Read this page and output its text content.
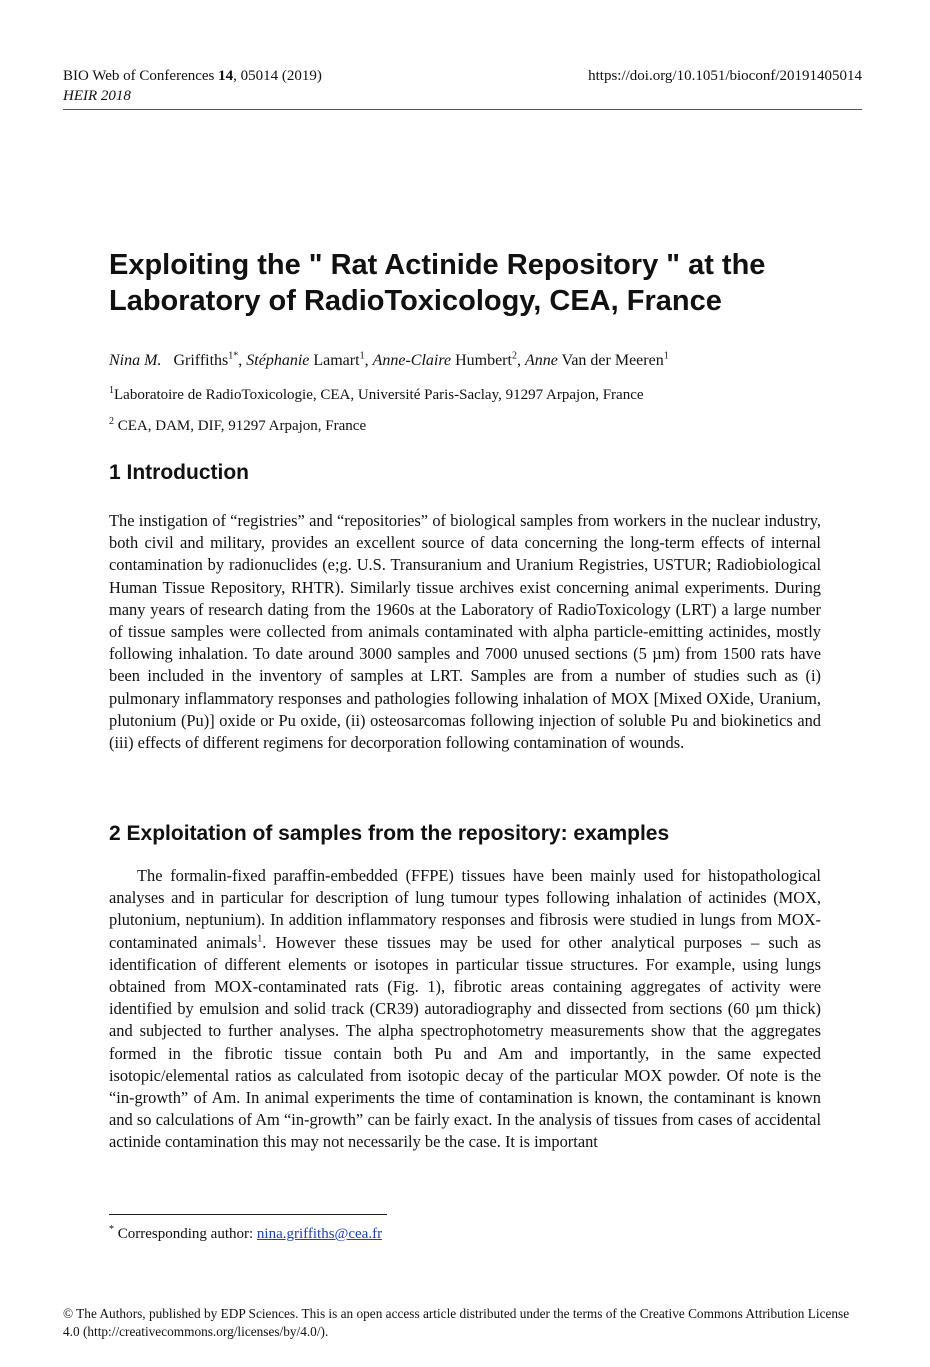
BIO Web of Conferences 14, 05014 (2019)	https://doi.org/10.1051/bioconf/20191405014
HEIR 2018
Exploiting the " Rat Actinide Repository " at the Laboratory of RadioToxicology, CEA, France
Nina M. Griffiths$^{1*}$, Stéphanie Lamart$^1$, Anne-Claire Humbert$^2$, Anne Van der Meeren$^1$
$^1$Laboratoire de RadioToxicologie, CEA, Université Paris-Saclay, 91297 Arpajon, France
$^2$ CEA, DAM, DIF, 91297 Arpajon, France
1 Introduction

The instigation of “registries” and “repositories” of biological samples from workers in the nuclear industry, both civil and military, provides an excellent source of data concerning the long-term effects of internal contamination by radionuclides (e;g. U.S. Transuranium and Uranium Registries, USTUR; Radiobiological Human Tissue Repository, RHTR). Similarly tissue archives exist concerning animal experiments. During many years of research dating from the 1960s at the Laboratory of RadioToxicology (LRT) a large number of tissue samples were collected from animals contaminated with alpha particle-emitting actinides, mostly following inhalation. To date around 3000 samples and 7000 unused sections (5 µm) from 1500 rats have been included in the inventory of samples at LRT. Samples are from a number of studies such as (i) pulmonary inflammatory responses and pathologies following inhalation of MOX [Mixed OXide, Uranium, plutonium (Pu)] oxide or Pu oxide, (ii) osteosarcomas following injection of soluble Pu and biokinetics and (iii) effects of different regimens for decorporation following contamination of wounds.

2 Exploitation of samples from the repository: examples

The formalin-fixed paraffin-embedded (FFPE) tissues have been mainly used for histopathological analyses and in particular for description of lung tumour types following inhalation of actinides (MOX, plutonium, neptunium). In addition inflammatory responses and fibrosis were studied in lungs from MOX-contaminated animals$^1$. However these tissues may be used for other analytical purposes – such as identification of different elements or isotopes in particular tissue structures. For example, using lungs obtained from MOX-contaminated rats (Fig. 1), fibrotic areas containing aggregates of activity were identified by emulsion and solid track (CR39) autoradiography and dissected from sections (60 µm thick) and subjected to further analyses. The alpha spectrophotometry measurements show that the aggregates formed in the fibrotic tissue contain both Pu and Am and importantly, in the same expected isotopic/elemental ratios as calculated from isotopic decay of the particular MOX powder. Of note is the “in-growth” of Am. In animal experiments the time of contamination is known, the contaminant is known and so calculations of Am “in-growth” can be fairly exact. In the analysis of tissues from cases of accidental actinide contamination this may not necessarily be the case. It is important

* Corresponding author: nina.griffiths@cea.fr
© The Authors, published by EDP Sciences. This is an open access article distributed under the terms of the Creative Commons Attribution License 4.0 (http://creativecommons.org/licenses/by/4.0/).
